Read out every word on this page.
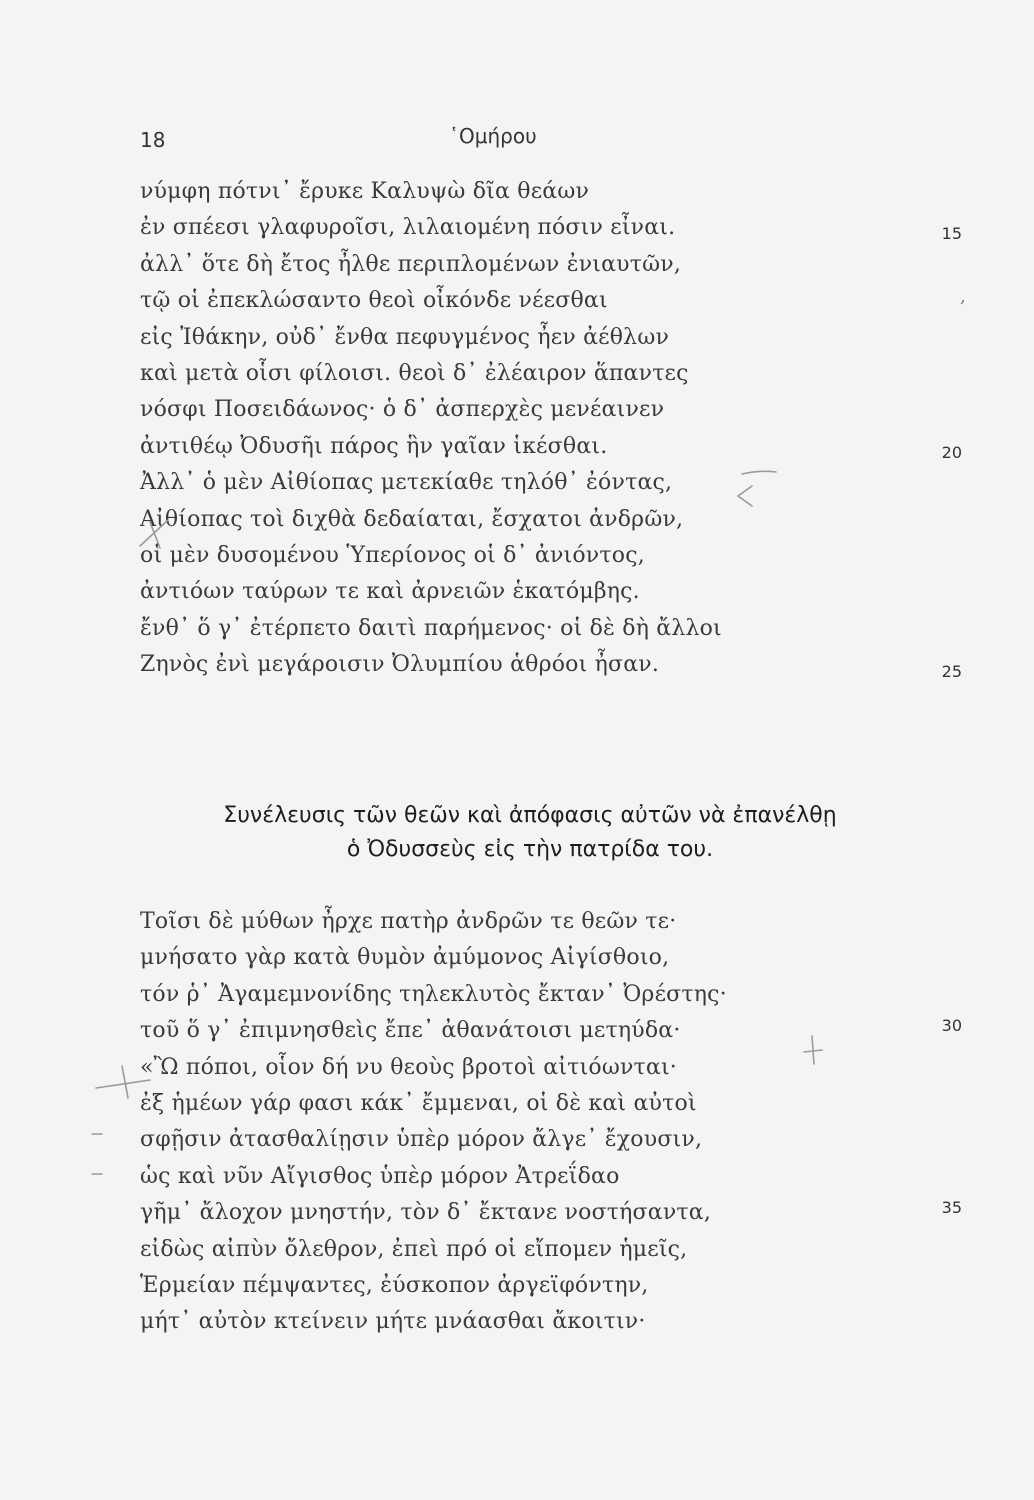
18	῾Ομήρου
νύμφη πότνι᾽ ἔρυκε Καλυψὼ δῖα θεάων
ἐν σπέεσι γλαφυροῖσι, λιλαιομένη πόσιν εἶναι.
ἀλλ᾽ ὅτε δὴ ἔτος ἦλθε περιπλομένων ἐνιαυτῶν,
τῷ οἱ ἐπεκλώσαντο θεοὶ οἶκόνδε νέεσθαι
εἰς Ἰθάκην, οὐδ᾽ ἔνθα πεφυγμένος ἦεν ἀέθλων
καὶ μετὰ οἷσι φίλοισι. θεοὶ δ᾽ ἐλέαιρον ἅπαντες
νόσφι Ποσειδάωνος· ὁ δ᾽ ἀσπερχὲς μενέαινεν
ἀντιθέῳ Ὀδυσῆι πάρος ἣν γαῖαν ἱκέσθαι.
Ἀλλ᾽ ὁ μὲν Αἰθίοπας μετεκίαθε τηλόθ᾽ ἐόντας,
Αἰθίοπας τοὶ διχθὰ δεδαίαται, ἔσχατοι ἀνδρῶν,
οἱ μὲν δυσομένου Ὑπερίονος οἱ δ᾽ ἀνιόντος,
ἀντιόων ταύρων τε καὶ ἀρνειῶν ἑκατόμβης.
ἔνθ᾽ ὅ γ᾽ ἐτέρπετο δαιτὶ παρήμενος· οἱ δὲ δὴ ἄλλοι
Ζηνὸς ἐνὶ μεγάροισιν Ὀλυμπίου ἁθρόοι ἦσαν.
15
20
25
Συνέλευσις τῶν θεῶν καὶ ἀπόφασις αὐτῶν νὰ ἐπανέλθῃ
ὁ Ὀδυσσεὺς εἰς τὴν πατρίδα του.
Τοῖσι δὲ μύθων ἦρχε πατὴρ ἀνδρῶν τε θεῶν τε·
μνήσατο γὰρ κατὰ θυμὸν ἀμύμονος Αἰγίσθοιο,
τόν ῥ᾽ Ἀγαμεμνονίδης τηλεκλυτὸς ἔκταν᾽ Ὀρέστης·
τοῦ ὅ γ᾽ ἐπιμνησθεὶς ἔπε᾽ ἀθανάτοισι μετηύδα·
«Ὢ πόποι, οἷον δή νυ θεοὺς βροτοὶ αἰτιόωνται·
ἐξ ἡμέων γάρ φασι κάκ᾽ ἔμμεναι, οἱ δὲ καὶ αὐτοὶ
σφῇσιν ἀτασθαλίῃσιν ὑπὲρ μόρον ἄλγε᾽ ἔχουσιν,
ὡς καὶ νῦν Αἴγισθος ὑπὲρ μόρον Ἀτρεΐδαο
γῆμ᾽ ἄλοχον μνηστήν, τὸν δ᾽ ἔκτανε νοστήσαντα,
εἰδὼς αἰπὺν ὄλεθρον, ἐπεὶ πρό οἱ εἴπομεν ἡμεῖς,
Ἑρμείαν πέμψαντες, ἐύσκοπον ἀργεϊφόντην,
μήτ᾽ αὐτὸν κτείνειν μήτε μνάασθαι ἄκοιτιν·
30
35
,
